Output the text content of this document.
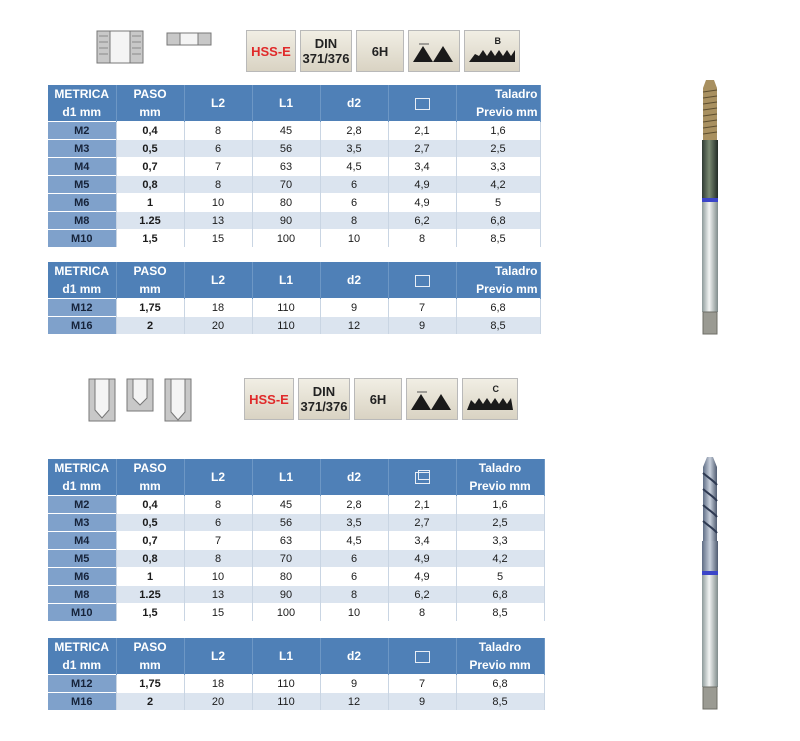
HSS-E DIN
371/376 6H
B
METRICA
d1 mm	PASO
mm	L2	L1	d2		Taladro
Previo mm
M2	0,4	8	45	2,8	2,1	1,6
M3	0,5	6	56	3,5	2,7	2,5
M4	0,7	7	63	4,5	3,4	3,3
M5	0,8	8	70	6	4,9	4,2
M6	1	10	80	6	4,9	5
M8	1.25	13	90	8	6,2	6,8
M10	1,5	15	100	10	8	8,5
METRICA
d1 mm	PASO
mm	L2	L1	d2		Taladro
Previo mm
M12	1,75	18	110	9	7	6,8
M16	2	20	110	12	9	8,5
HSS-E DIN
371/376 6H
C
METRICA
d1 mm	PASO
mm	L2	L1	d2		Taladro
Previo mm
M2	0,4	8	45	2,8	2,1	1,6
M3	0,5	6	56	3,5	2,7	2,5
M4	0,7	7	63	4,5	3,4	3,3
M5	0,8	8	70	6	4,9	4,2
M6	1	10	80	6	4,9	5
M8	1.25	13	90	8	6,2	6,8
M10	1,5	15	100	10	8	8,5
METRICA
d1 mm	PASO
mm	L2	L1	d2		Taladro
Previo mm
M12	1,75	18	110	9	7	6,8
M16	2	20	110	12	9	8,5
